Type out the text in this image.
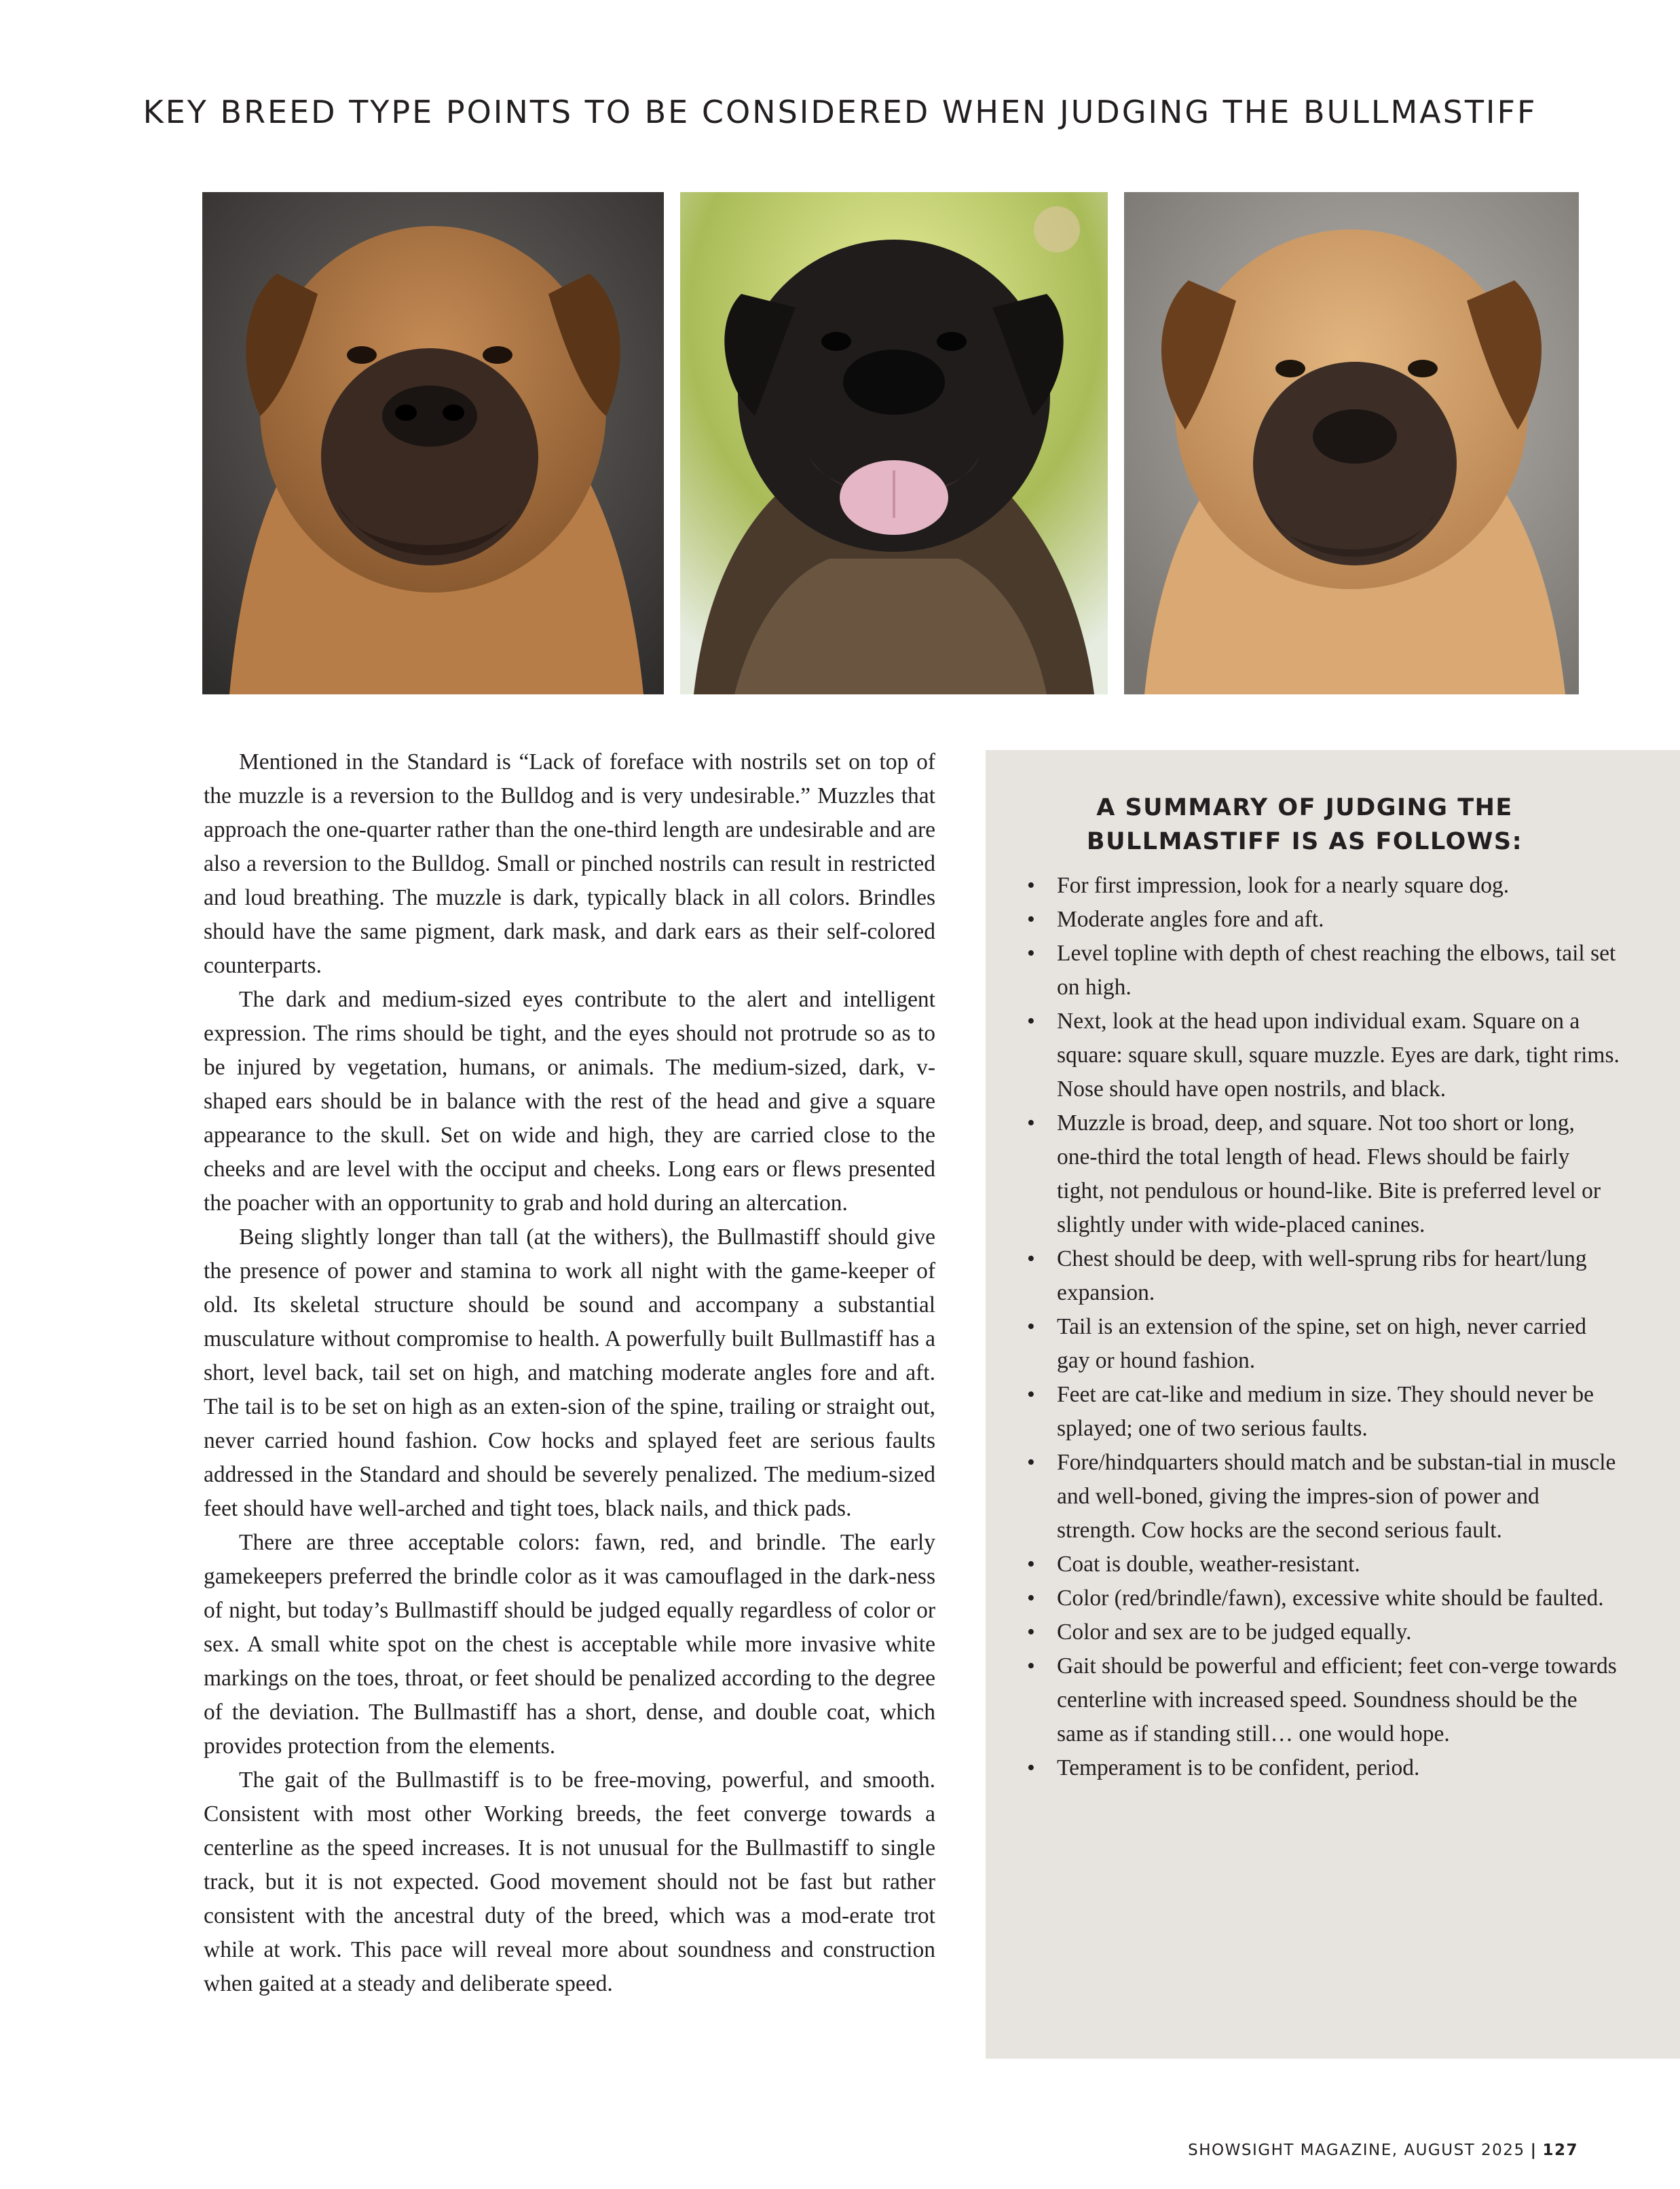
KEY BREED TYPE POINTS TO BE CONSIDERED WHEN JUDGING THE BULLMASTIFF

Mentioned in the Standard is “Lack of foreface with nostrils set on top of the muzzle is a reversion to the Bulldog and is very undesirable.” Muzzles that approach the one-quarter rather than the one-third length are undesirable and are also a reversion to the Bulldog. Small or pinched nostrils can result in restricted and loud breathing. The muzzle is dark, typically black in all colors. Brindles should have the same pigment, dark mask, and dark ears as their self-colored counterparts.

The dark and medium-sized eyes contribute to the alert and intelligent expression. The rims should be tight, and the eyes should not protrude so as to be injured by vegetation, humans, or animals. The medium-sized, dark, v-shaped ears should be in balance with the rest of the head and give a square appearance to the skull. Set on wide and high, they are carried close to the cheeks and are level with the occiput and cheeks. Long ears or flews presented the poacher with an opportunity to grab and hold during an altercation.

Being slightly longer than tall (at the withers), the Bullmastiff should give the presence of power and stamina to work all night with the game-keeper of old. Its skeletal structure should be sound and accompany a substantial musculature without compromise to health. A powerfully built Bullmastiff has a short, level back, tail set on high, and matching moderate angles fore and aft. The tail is to be set on high as an exten-sion of the spine, trailing or straight out, never carried hound fashion. Cow hocks and splayed feet are serious faults addressed in the Standard and should be severely penalized. The medium-sized feet should have well-arched and tight toes, black nails, and thick pads.

There are three acceptable colors: fawn, red, and brindle. The early gamekeepers preferred the brindle color as it was camouflaged in the dark-ness of night, but today’s Bullmastiff should be judged equally regardless of color or sex. A small white spot on the chest is acceptable while more invasive white markings on the toes, throat, or feet should be penalized according to the degree of the deviation. The Bullmastiff has a short, dense, and double coat, which provides protection from the elements.

The gait of the Bullmastiff is to be free-moving, powerful, and smooth. Consistent with most other Working breeds, the feet converge towards a centerline as the speed increases. It is not unusual for the Bullmastiff to single track, but it is not expected. Good movement should not be fast but rather consistent with the ancestral duty of the breed, which was a mod-erate trot while at work. This pace will reveal more about soundness and construction when gaited at a steady and deliberate speed.

A SUMMARY OF JUDGING THE
BULLMASTIFF IS AS FOLLOWS:
• For first impression, look for a nearly square dog.
• Moderate angles fore and aft.
• Level topline with depth of chest reaching the elbows, tail set on high.
• Next, look at the head upon individual exam. Square on a square: square skull, square muzzle. Eyes are dark, tight rims. Nose should have open nostrils, and black.
• Muzzle is broad, deep, and square. Not too short or long, one-third the total length of head. Flews should be fairly tight, not pendulous or hound-like. Bite is preferred level or slightly under with wide-placed canines.
• Chest should be deep, with well-sprung ribs for heart/lung expansion.
• Tail is an extension of the spine, set on high, never carried gay or hound fashion.
• Feet are cat-like and medium in size. They should never be splayed; one of two serious faults.
• Fore/hindquarters should match and be substan-tial in muscle and well-boned, giving the impres-sion of power and strength. Cow hocks are the second serious fault.
• Coat is double, weather-resistant.
• Color (red/brindle/fawn), excessive white should be faulted.
• Color and sex are to be judged equally.
• Gait should be powerful and efficient; feet con-verge towards centerline with increased speed. Soundness should be the same as if standing still… one would hope.
• Temperament is to be confident, period.
SHOWSIGHT MAGAZINE, AUGUST 2025 | 127
